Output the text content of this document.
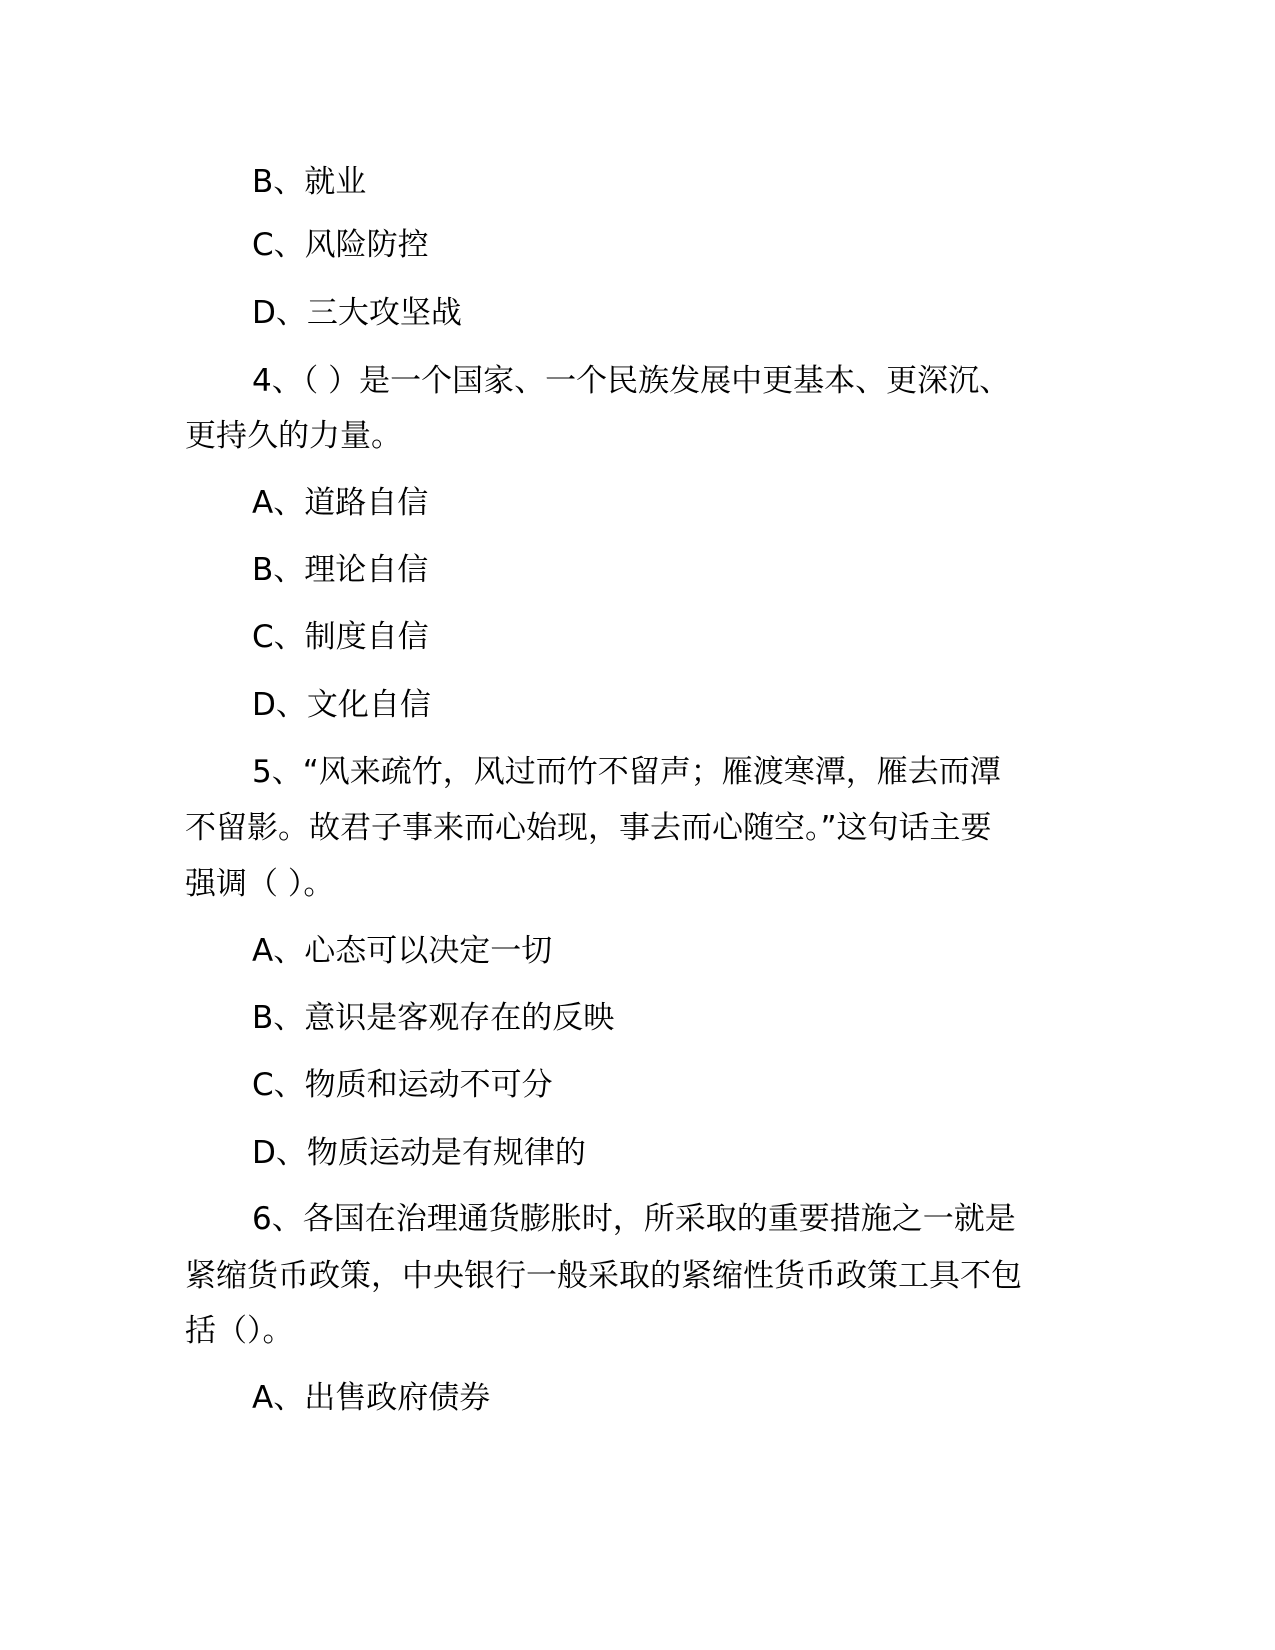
B、就业
C、风险防控
D、三大攻坚战
4、（ ）是一个国家、一个民族发展中更基本、更深沉、
更持久的力量。
A、道路自信
B、理论自信
C、制度自信
D、文化自信
5、“风来疏竹，风过而竹不留声；雁渡寒潭，雁去而潭
不留影。故君子事来而心始现，事去而心随空。”这句话主要
强调（ ）。
A、心态可以决定一切
B、意识是客观存在的反映
C、物质和运动不可分
D、物质运动是有规律的
6、各国在治理通货膨胀时，所采取的重要措施之一就是
紧缩货币政策，中央银行一般采取的紧缩性货币政策工具不包
括（）。
A、出售政府债券
